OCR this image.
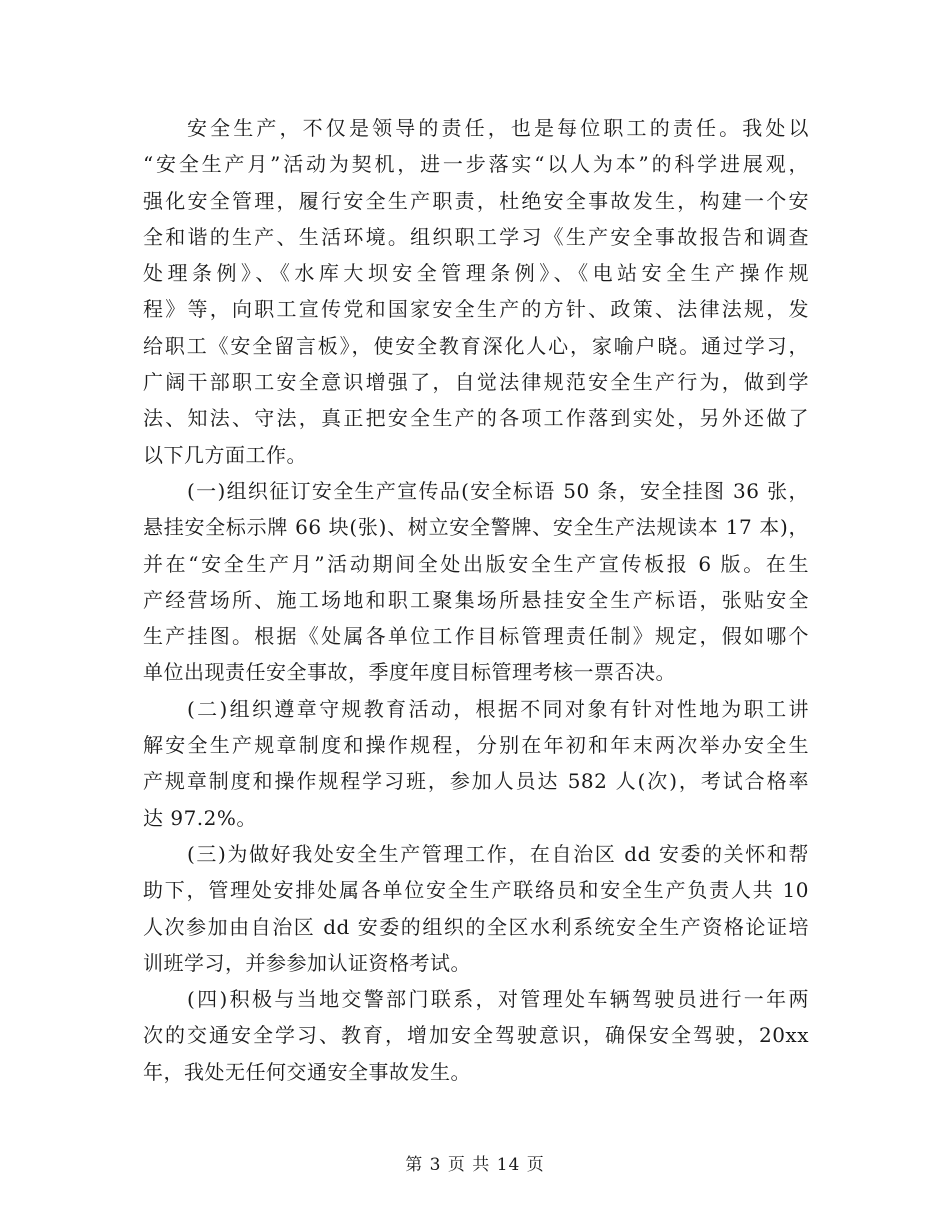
安全生产，不仅是领导的责任，也是每位职工的责任。我处以
“安全生产月”活动为契机，进一步落实“以人为本”的科学进展观，
强化安全管理，履行安全生产职责，杜绝安全事故发生，构建一个安
全和谐的生产、生活环境。组织职工学习《生产安全事故报告和调查
处理条例》、《水库大坝安全管理条例》、《电站安全生产操作规
程》等，向职工宣传党和国家安全生产的方针、政策、法律法规，发
给职工《安全留言板》，使安全教育深化人心，家喻户晓。通过学习，
广阔干部职工安全意识增强了，自觉法律规范安全生产行为，做到学
法、知法、守法，真正把安全生产的各项工作落到实处，另外还做了
以下几方面工作。
(一)组织征订安全生产宣传品(安全标语 50 条，安全挂图 36 张，
悬挂安全标示牌 66 块(张)、树立安全警牌、安全生产法规读本 17 本)，
并在“安全生产月”活动期间全处出版安全生产宣传板报 6 版。在生
产经营场所、施工场地和职工聚集场所悬挂安全生产标语，张贴安全
生产挂图。根据《处属各单位工作目标管理责任制》规定，假如哪个
单位出现责任安全事故，季度年度目标管理考核一票否决。
(二)组织遵章守规教育活动，根据不同对象有针对性地为职工讲
解安全生产规章制度和操作规程，分别在年初和年末两次举办安全生
产规章制度和操作规程学习班，参加人员达 582 人(次)，考试合格率
达 97.2%。
(三)为做好我处安全生产管理工作，在自治区 dd 安委的关怀和帮
助下，管理处安排处属各单位安全生产联络员和安全生产负责人共 10
人次参加由自治区 dd 安委的组织的全区水利系统安全生产资格论证培
训班学习，并参参加认证资格考试。
(四)积极与当地交警部门联系，对管理处车辆驾驶员进行一年两
次的交通安全学习、教育，增加安全驾驶意识，确保安全驾驶，20xx
年，我处无任何交通安全事故发生。
第 3 页 共 14 页
